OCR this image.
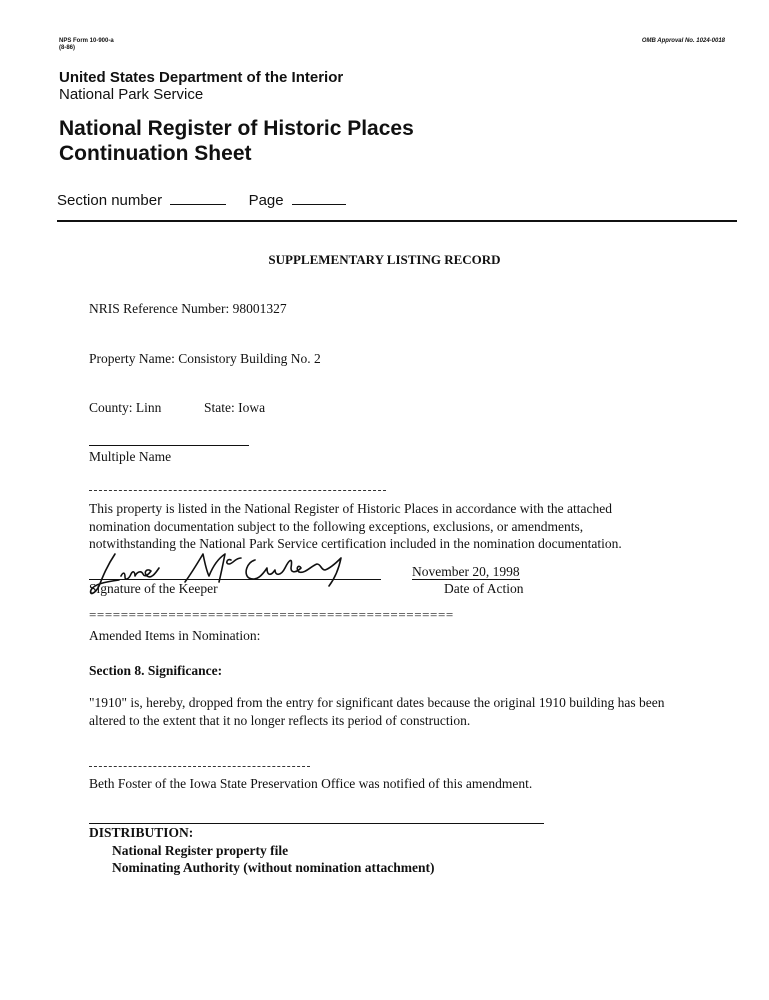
NPS Form 10-900-a
(8-86)
OMB Approval No. 1024-0018
United States Department of the Interior
National Park Service
National Register of Historic Places
Continuation Sheet
Section number	Page
SUPPLEMENTARY LISTING RECORD
NRIS Reference Number: 98001327
Property Name: Consistory Building No. 2
County: Linn	State: Iowa
Multiple Name
This property is listed in the National Register of Historic Places in accordance with the attached nomination documentation subject to the following exceptions, exclusions, or amendments, notwithstanding the National Park Service certification included in the nomination documentation.
Signature of the Keeper
November 20, 1998
Date of Action
==============================================
Amended Items in Nomination:
Section 8. Significance:
"1910" is, hereby, dropped from the entry for significant dates because the original 1910 building has been altered to the extent that it no longer reflects its period of construction.
Beth Foster of the Iowa State Preservation Office was notified of this amendment.
DISTRIBUTION:
National Register property file
Nominating Authority (without nomination attachment)
